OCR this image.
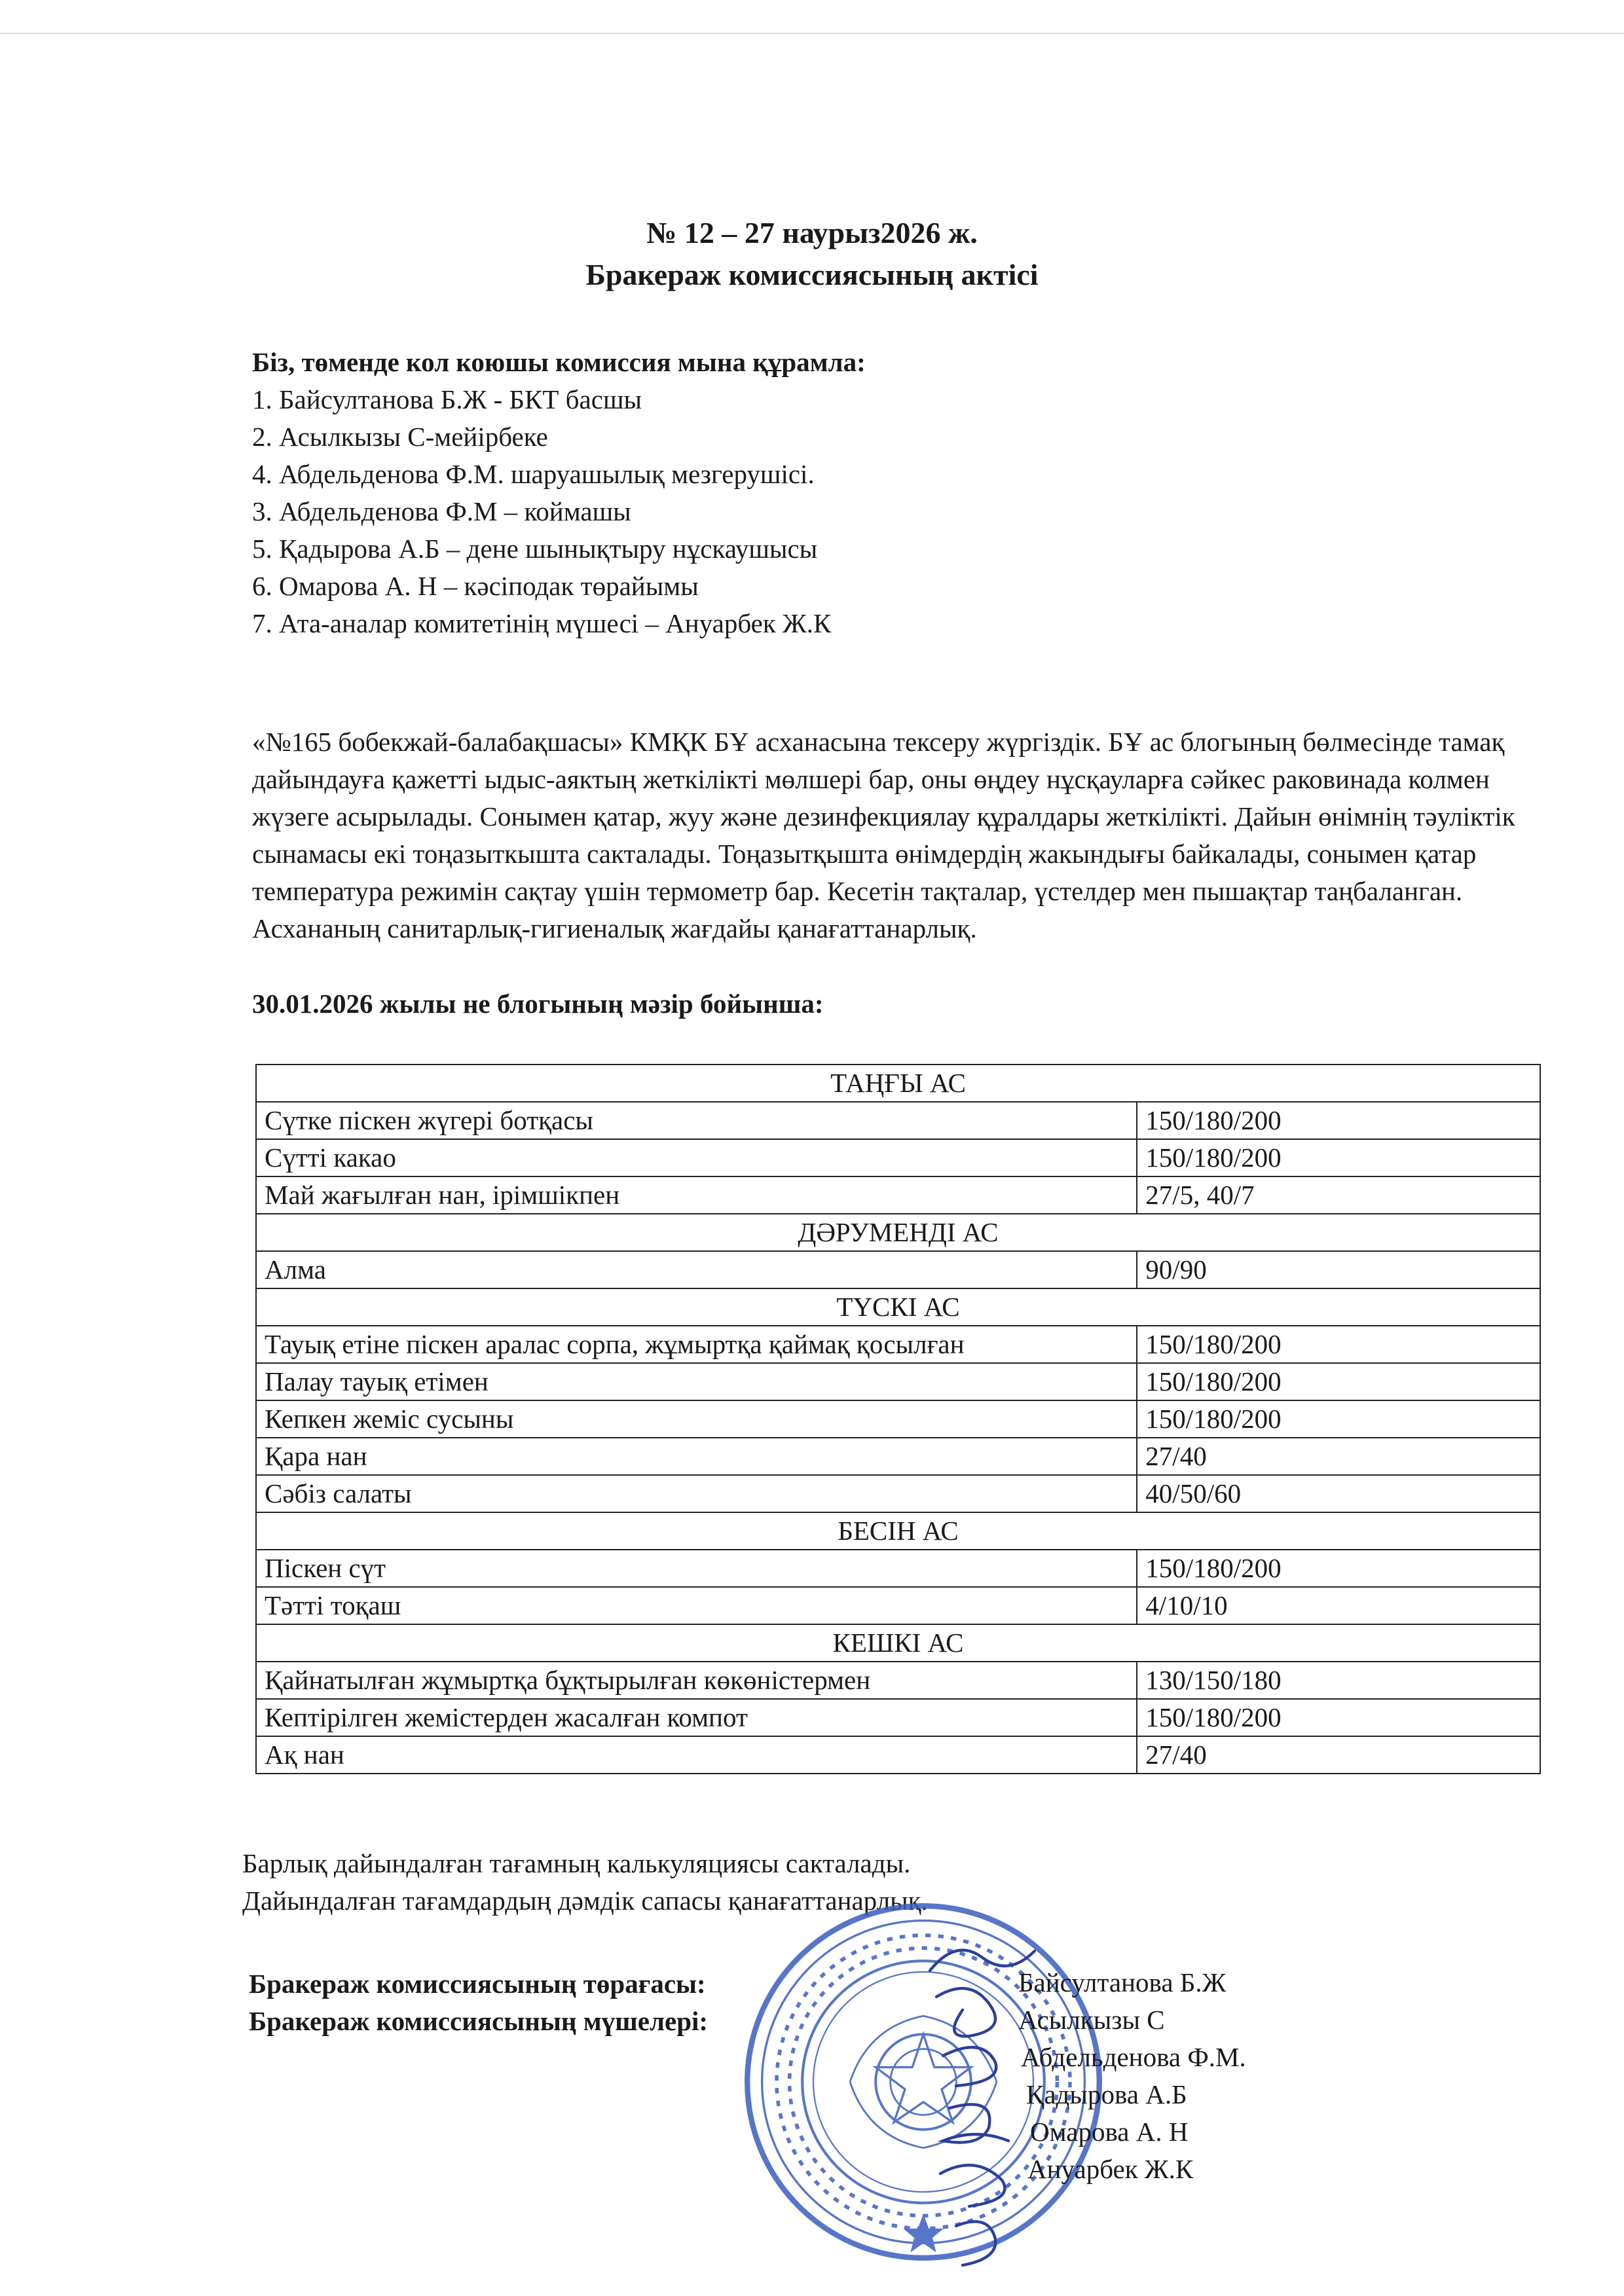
№ 12 – 27 наурыз2026 ж.
Бракераж комиссиясының актісі
Біз, төменде кол коюшы комиссия мына құрамла:
1. Байсултанова Б.Ж - БКТ басшы
2. Асылкызы С-мейірбеке
4. Абдельденова Ф.М. шаруашылық мезгерушісі.
3. Абдельденова Ф.М – коймашы
5. Қадырова А.Б – дене шынықтыру нұскаушысы
6. Омарова А. Н – кәсіподак төрайымы
7. Ата-аналар комитетінің мүшесі – Ануарбек Ж.К
«№165 бобекжай-балабақшасы» КМҚК БҰ асханасына тексеру жүргіздік. БҰ ас блогының бөлмесінде тамақ дайындауға қажетті ыдыс-аяктың жеткілікті мөлшері бар, оны өңдеу нұсқауларға сәйкес раковинада колмен жүзеге асырылады. Сонымен қатар, жуу және дезинфекциялау құралдары жеткілікті. Дайын өнімнің тәуліктік сынамасы екі тоңазыткышта сакталады. Тоңазытқышта өнімдердің жакындығы байкалады, сонымен қатар температура режимін сақтау үшін термометр бар. Кесетін тақталар, үстелдер мен пышақтар таңбаланган. Асхананың санитарлық-гигиеналық жағдайы қанағаттанарлық.
30.01.2026 жылы не блогының мәзір бойынша:
ТАҢҒЫ АС	
Сүтке піскен жүгері ботқасы	150/180/200
Сүтті какао	150/180/200
Май жағылған нан, ірімшікпен	27/5, 40/7
ДӘРУМЕНДІ АС	
Алма	90/90
ТҮСКІ АС	
Тауық етіне піскен аралас сорпа, жұмыртқа қаймақ қосылған	150/180/200
Палау тауық етімен	150/180/200
Кепкен жеміс сусыны	150/180/200
Қара нан	27/40
Сәбіз салаты	40/50/60
БЕСІН АС	
Піскен сүт	150/180/200
Тәтті тоқаш	4/10/10
КЕШКІ АС	
Қайнатылған жұмыртқа бұқтырылған көкөністермен	130/150/180
Кептірілген жемістерден жасалған компот	150/180/200
Ақ нан	27/40
Барлық дайындалған тағамның калькуляциясы сакталады.
Дайындалған тағамдардың дәмдік сапасы қанағаттанарлық.
Бракераж комиссиясының төрағасы:
Бракераж комиссиясының мүшелері:
Байсултанова Б.Ж
Асылкызы С
Абдельденова Ф.М.
Қадырова А.Б
Омарова А. Н
Ануарбек Ж.К
